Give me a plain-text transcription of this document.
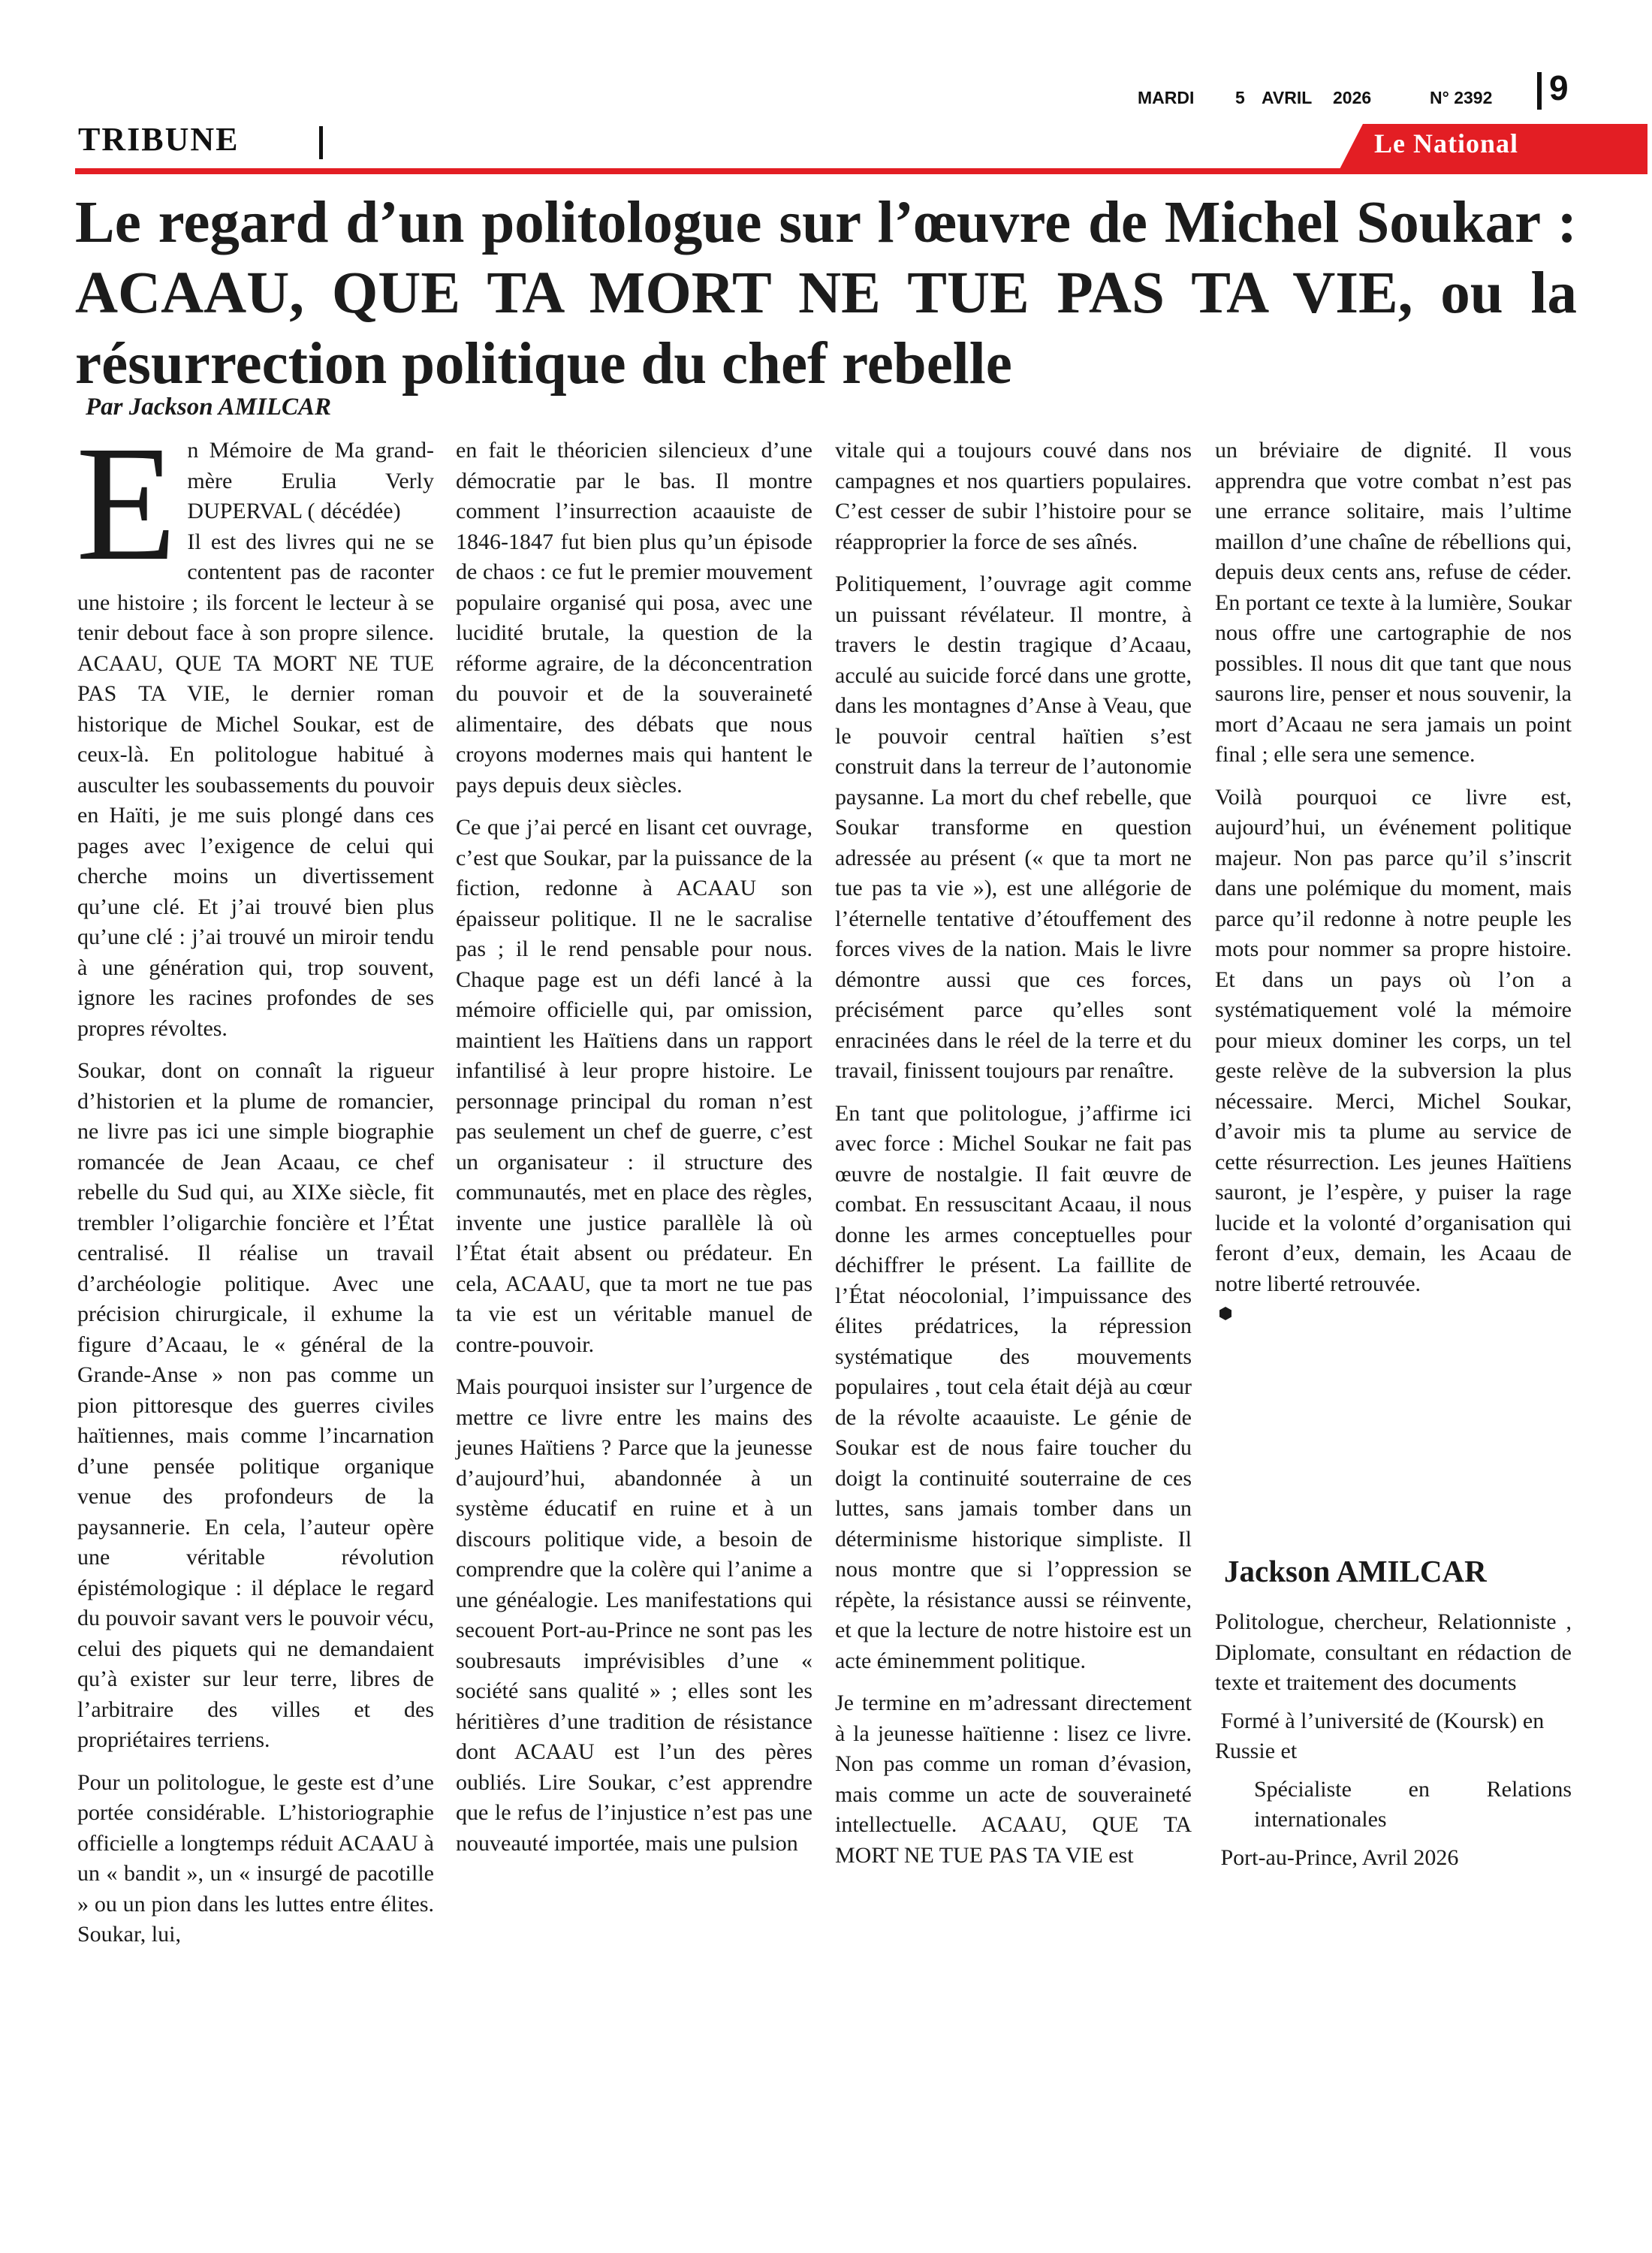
MARDI 5 AVRIL 2026	N° 2392 9
TRIBUNE	Le National
Le regard d’un politologue sur l’œuvre de Michel Soukar : ACAAU, QUE TA MORT NE TUE PAS TA VIE, ou la résurrection politique du chef rebelle
Par Jackson AMILCAR

E n Mémoire de Ma grand-mère Erulia Verly DUPERVAL ( décédée)

Il est des livres qui ne se contentent pas de raconter une histoire ; ils forcent le lecteur à se tenir debout face à son propre silence. ACAAU, QUE TA MORT NE TUE PAS TA VIE, le dernier roman historique de Michel Soukar, est de ceux-là. En politologue habitué à ausculter les soubassements du pouvoir en Haïti, je me suis plongé dans ces pages avec l’exigence de celui qui cherche moins un divertissement qu’une clé. Et j’ai trouvé bien plus qu’une clé : j’ai trouvé un miroir tendu à une génération qui, trop souvent, ignore les racines profondes de ses propres révoltes.

Soukar, dont on connaît la rigueur d’historien et la plume de romancier, ne livre pas ici une simple biographie romancée de Jean Acaau, ce chef rebelle du Sud qui, au XIXe siècle, fit trembler l’oligarchie foncière et l’État centralisé. Il réalise un travail d’archéologie politique. Avec une précision chirurgicale, il exhume la figure d’Acaau, le « général de la Grande-Anse » non pas comme un pion pittoresque des guerres civiles haïtiennes, mais comme l’incarnation d’une pensée politique organique venue des profondeurs de la paysannerie. En cela, l’auteur opère une véritable révolution épistémologique : il déplace le regard du pouvoir savant vers le pouvoir vécu, celui des piquets qui ne demandaient qu’à exister sur leur terre, libres de l’arbitraire des villes et des propriétaires terriens.

Pour un politologue, le geste est d’une portée considérable. L’historiographie officielle a longtemps réduit ACAAU à un « bandit », un « insurgé de pacotille » ou un pion dans les luttes entre élites. Soukar, lui,

en fait le théoricien silencieux d’une démocratie par le bas. Il montre comment l’insurrection acaauiste de 1846-1847 fut bien plus qu’un épisode de chaos : ce fut le premier mouvement populaire organisé qui posa, avec une lucidité brutale, la question de la réforme agraire, de la déconcentration du pouvoir et de la souveraineté alimentaire, des débats que nous croyons modernes mais qui hantent le pays depuis deux siècles.

Ce que j’ai percé en lisant cet ouvrage, c’est que Soukar, par la puissance de la fiction, redonne à ACAAU son épaisseur politique. Il ne le sacralise pas ; il le rend pensable pour nous. Chaque page est un défi lancé à la mémoire officielle qui, par omission, maintient les Haïtiens dans un rapport infantilisé à leur propre histoire. Le personnage principal du roman n’est pas seulement un chef de guerre, c’est un organisateur : il structure des communautés, met en place des règles, invente une justice parallèle là où l’État était absent ou prédateur. En cela, ACAAU, que ta mort ne tue pas ta vie est un véritable manuel de contre-pouvoir.

Mais pourquoi insister sur l’urgence de mettre ce livre entre les mains des jeunes Haïtiens ? Parce que la jeunesse d’aujourd’hui, abandonnée à un système éducatif en ruine et à un discours politique vide, a besoin de comprendre que la colère qui l’anime a une généalogie. Les manifestations qui secouent Port-au-Prince ne sont pas les soubresauts imprévisibles d’une « société sans qualité » ; elles sont les héritières d’une tradition de résistance dont ACAAU est l’un des pères oubliés. Lire Soukar, c’est apprendre que le refus de l’injustice n’est pas une nouveauté importée, mais une pulsion

vitale qui a toujours couvé dans nos campagnes et nos quartiers populaires. C’est cesser de subir l’histoire pour se réapproprier la force de ses aînés.

Politiquement, l’ouvrage agit comme un puissant révélateur. Il montre, à travers le destin tragique d’Acaau, acculé au suicide forcé dans une grotte, dans les montagnes d’Anse à Veau, que le pouvoir central haïtien s’est construit dans la terreur de l’autonomie paysanne. La mort du chef rebelle, que Soukar transforme en question adressée au présent (« que ta mort ne tue pas ta vie »), est une allégorie de l’éternelle tentative d’étouffement des forces vives de la nation. Mais le livre démontre aussi que ces forces, précisément parce qu’elles sont enracinées dans le réel de la terre et du travail, finissent toujours par renaître.

En tant que politologue, j’affirme ici avec force : Michel Soukar ne fait pas œuvre de nostalgie. Il fait œuvre de combat. En ressuscitant Acaau, il nous donne les armes conceptuelles pour déchiffrer le présent. La faillite de l’État néocolonial, l’impuissance des élites prédatrices, la répression systématique des mouvements populaires , tout cela était déjà au cœur de la révolte acaauiste. Le génie de Soukar est de nous faire toucher du doigt la continuité souterraine de ces luttes, sans jamais tomber dans un déterminisme historique simpliste. Il nous montre que si l’oppression se répète, la résistance aussi se réinvente, et que la lecture de notre histoire est un acte éminemment politique.

Je termine en m’adressant directement à la jeunesse haïtienne : lisez ce livre. Non pas comme un roman d’évasion, mais comme un acte de souveraineté intellectuelle. ACAAU, QUE TA MORT NE TUE PAS TA VIE est

un bréviaire de dignité. Il vous apprendra que votre combat n’est pas une errance solitaire, mais l’ultime maillon d’une chaîne de rébellions qui, depuis deux cents ans, refuse de céder. En portant ce texte à la lumière, Soukar nous offre une cartographie de nos possibles. Il nous dit que tant que nous saurons lire, penser et nous souvenir, la mort d’Acaau ne sera jamais un point final ; elle sera une semence.

Voilà pourquoi ce livre est, aujourd’hui, un événement politique majeur. Non pas parce qu’il s’inscrit dans une polémique du moment, mais parce qu’il redonne à notre peuple les mots pour nommer sa propre histoire. Et dans un pays où l’on a systématiquement volé la mémoire pour mieux dominer les corps, un tel geste relève de la subversion la plus nécessaire. Merci, Michel Soukar, d’avoir mis ta plume au service de cette résurrection. Les jeunes Haïtiens sauront, je l’espère, y puiser la rage lucide et la volonté d’organisation qui feront d’eux, demain, les Acaau de notre liberté retrouvée.

Jackson AMILCAR

Politologue, chercheur, Relationniste , Diplomate, consultant en rédaction de texte et traitement des documents

Formé à l’université de (Koursk) en Russie et

Spécialiste en Relations internationales

Port-au-Prince, Avril 2026
